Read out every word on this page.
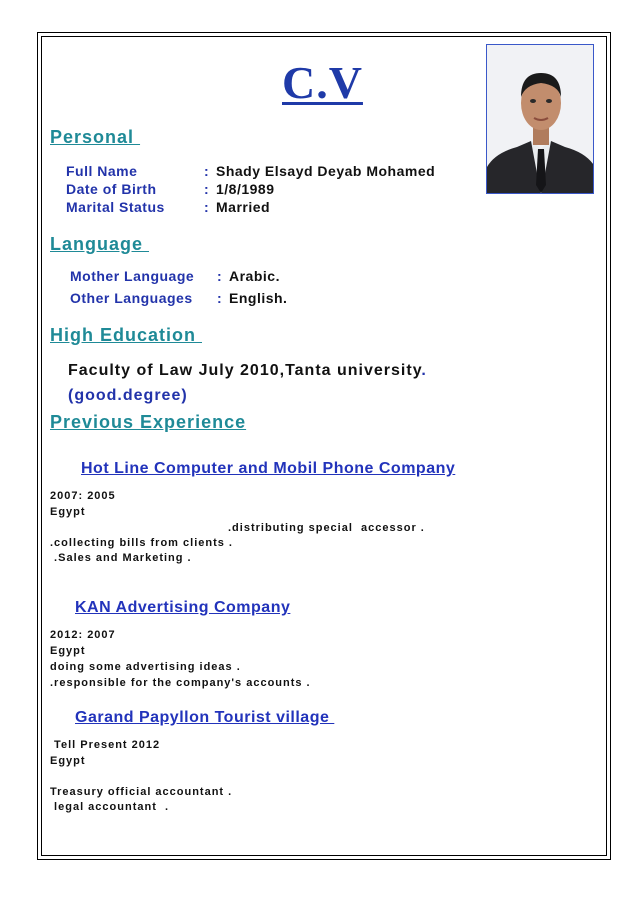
C.V
Personal
Full Name	: Shady Elsayd Deyab Mohamed
Date of Birth	: 1/8/1989
Marital Status	: Married
Language
Mother Language : Arabic.
Other Languages : English.
High Education
Faculty of Law July 2010,Tanta university.
(good.degree)
Previous Experience
Hot Line Computer and Mobil Phone Company
2007: 2005
Egypt
.distributing special  accessor .
.collecting bills from clients .
.Sales and Marketing .
KAN Advertising Company
2012: 2007
Egypt
doing some advertising ideas .
.responsible for the company's accounts .
Garand Papyllon Tourist village
Tell Present 2012
Egypt
Treasury official accountant .
legal accountant  .
